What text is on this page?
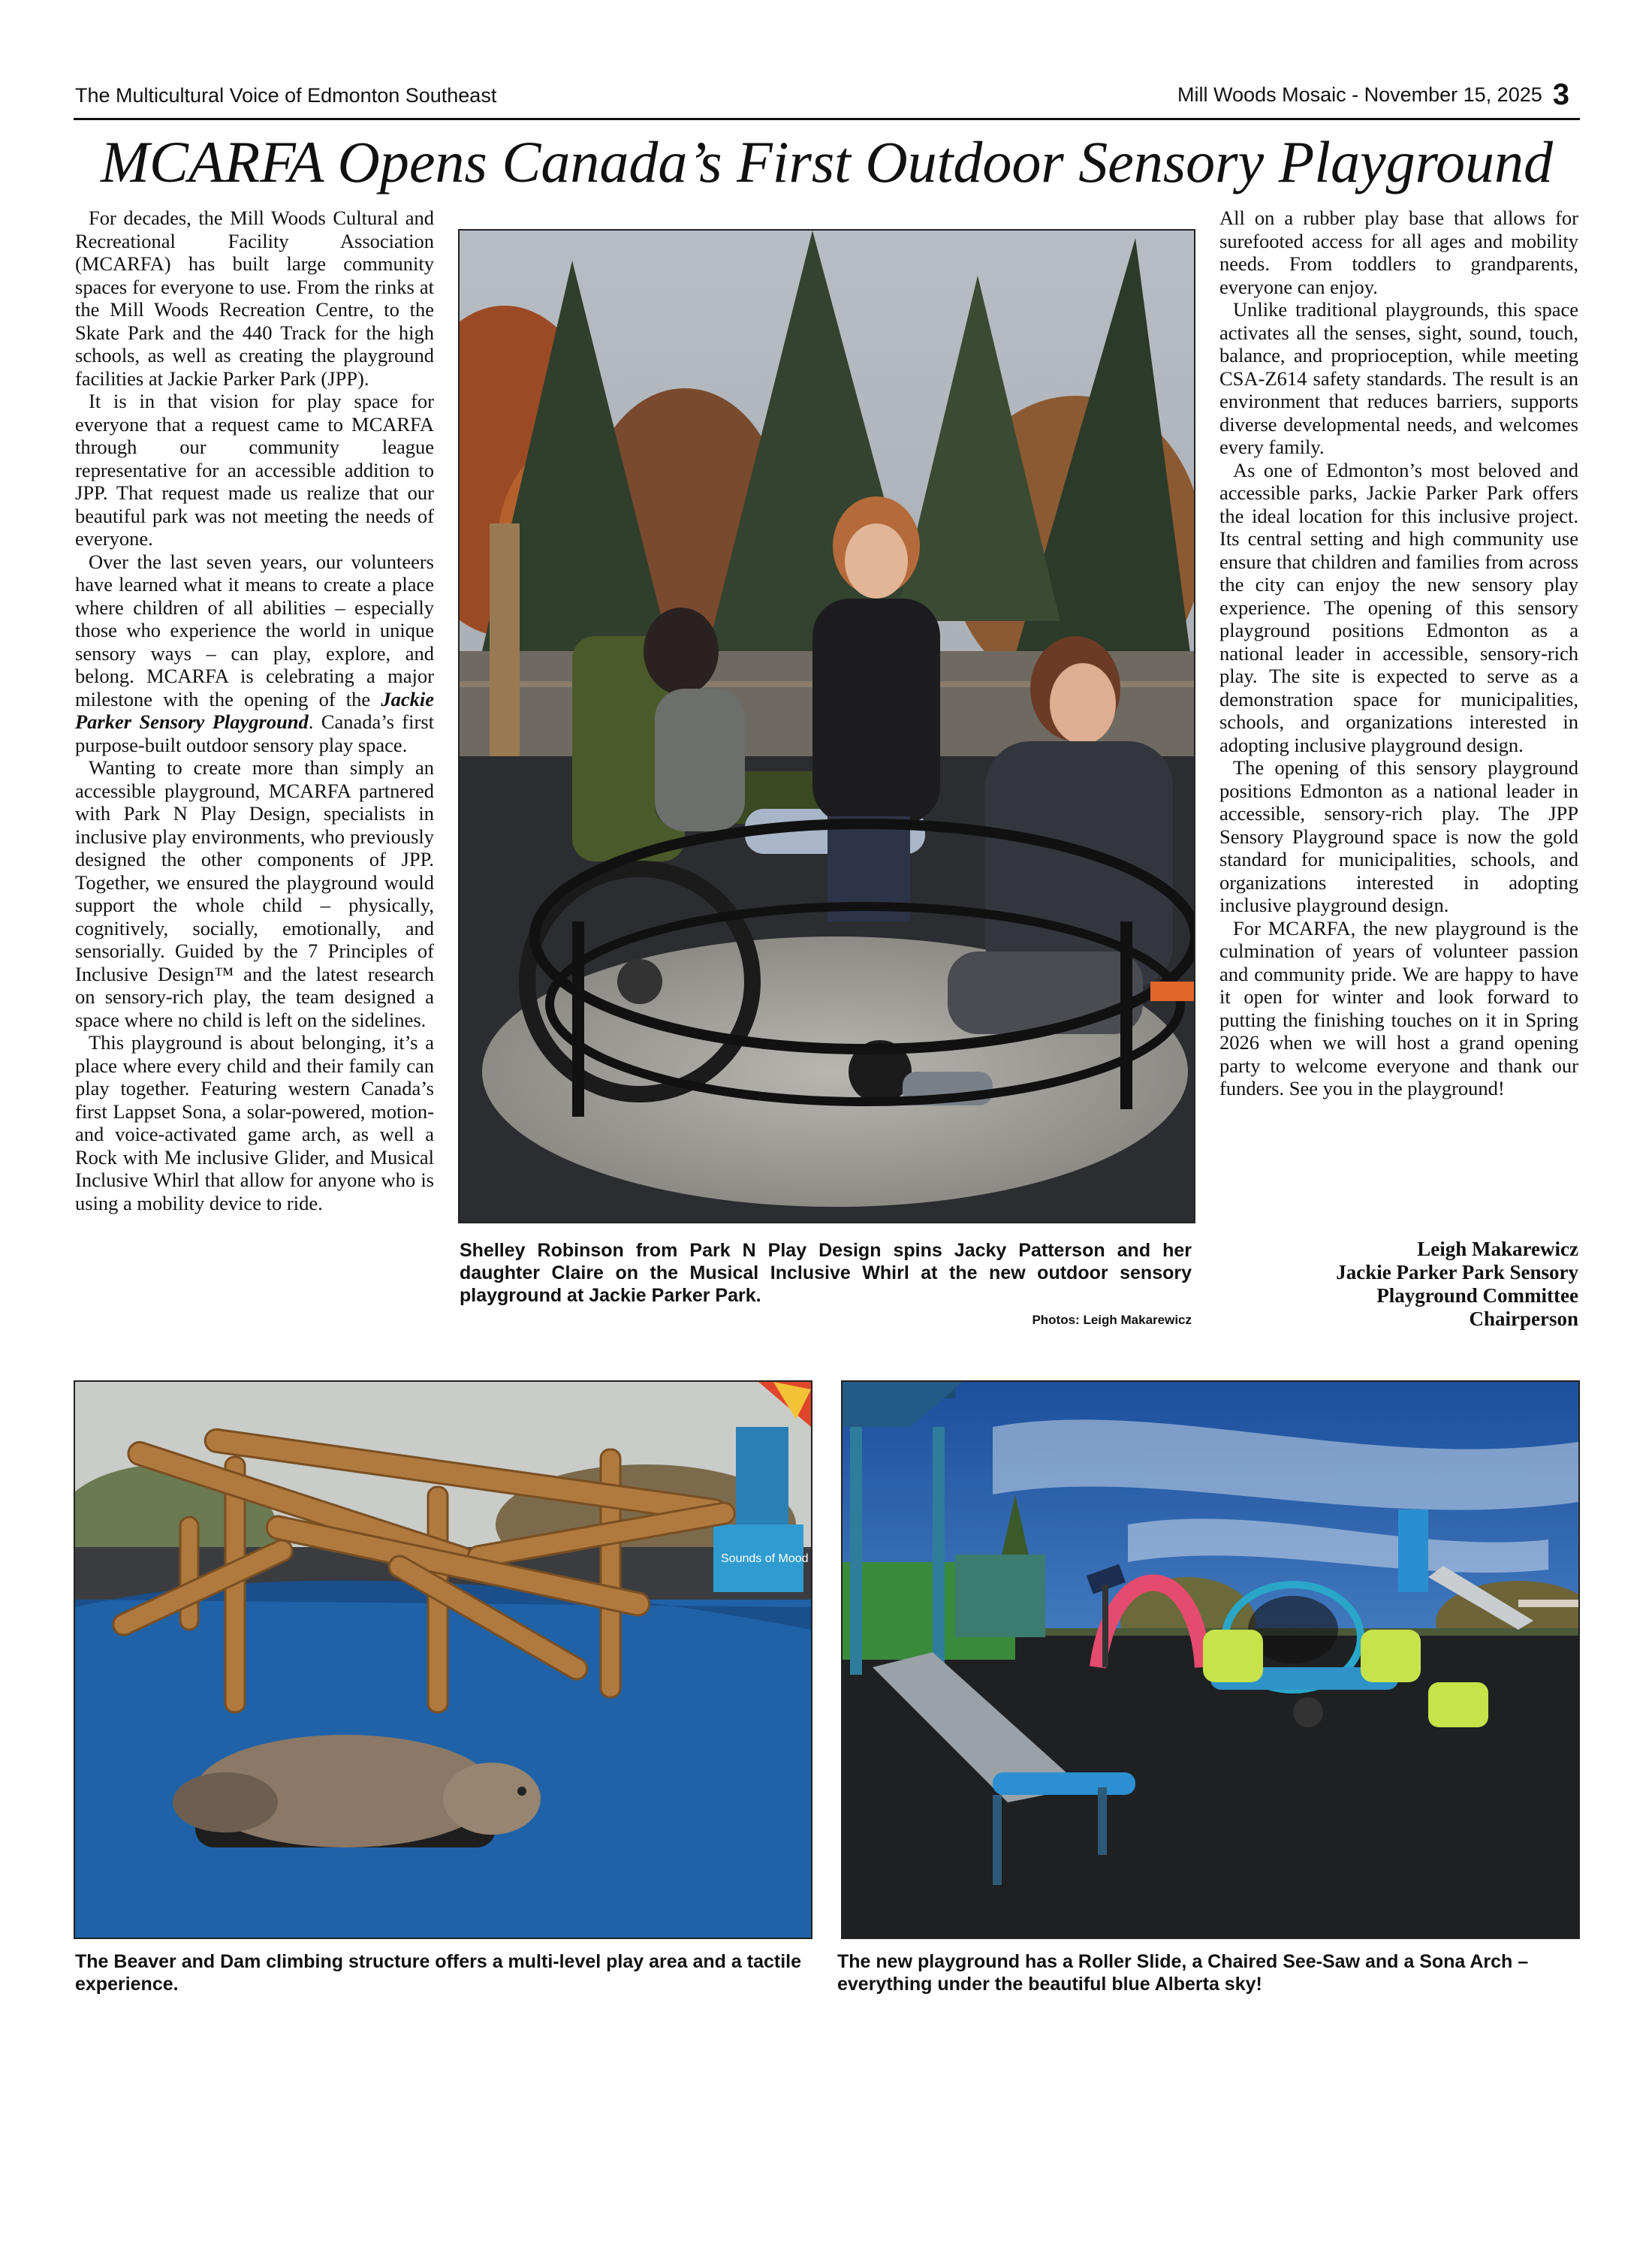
The Multicultural Voice of Edmonton Southeast	Mill Woods Mosaic - November 15, 2025 3
MCARFA Opens Canada’s First Outdoor Sensory Playground

For decades, the Mill Woods Cultural and Recreational Facility Association (MCARFA) has built large community spaces for everyone to use. From the rinks at the Mill Woods Recreation Centre, to the Skate Park and the 440 Track for the high schools, as well as creating the playground facilities at Jackie Parker Park (JPP).

It is in that vision for play space for everyone that a request came to MCARFA through our community league representative for an accessible addition to JPP. That request made us realize that our beautiful park was not meeting the needs of everyone.

Over the last seven years, our volunteers have learned what it means to create a place where children of all abilities – especially those who experience the world in unique sensory ways – can play, explore, and belong. MCARFA is celebrating a major milestone with the opening of the Jackie Parker Sensory Playground. Canada’s first purpose-built outdoor sensory play space.

Wanting to create more than simply an accessible playground, MCARFA partnered with Park N Play Design, specialists in inclusive play environments, who previously designed the other components of JPP. Together, we ensured the playground would support the whole child – physically, cognitively, socially, emotionally, and sensorially. Guided by the 7 Principles of Inclusive Design™ and the latest research on sensory-rich play, the team designed a space where no child is left on the sidelines.

This playground is about belonging, it’s a place where every child and their family can play together. Featuring western Canada’s first Lappset Sona, a solar-powered, motion- and voice-activated game arch, as well a Rock with Me inclusive Glider, and Musical Inclusive Whirl that allow for anyone who is using a mobility device to ride.

Shelley Robinson from Park N Play Design spins Jacky Patterson and her daughter Claire on the Musical Inclusive Whirl at the new outdoor sensory playground at Jackie Parker Park.
Photos: Leigh Makarewicz

All on a rubber play base that allows for surefooted access for all ages and mobility needs. From toddlers to grandparents, everyone can enjoy.

Unlike traditional playgrounds, this space activates all the senses, sight, sound, touch, balance, and proprioception, while meeting CSA-Z614 safety standards. The result is an environment that reduces barriers, supports diverse developmental needs, and welcomes every family.

As one of Edmonton’s most beloved and accessible parks, Jackie Parker Park offers the ideal location for this inclusive project. Its central setting and high community use ensure that children and families from across the city can enjoy the new sensory play experience. The opening of this sensory playground positions Edmonton as a national leader in accessible, sensory-rich play. The site is expected to serve as a demonstration space for municipalities, schools, and organizations interested in adopting inclusive playground design.

The opening of this sensory playground positions Edmonton as a national leader in accessible, sensory-rich play. The JPP Sensory Playground space is now the gold standard for municipalities, schools, and organizations interested in adopting inclusive playground design.

For MCARFA, the new playground is the culmination of years of volunteer passion and community pride. We are happy to have it open for winter and look forward to putting the finishing touches on it in Spring 2026 when we will host a grand opening party to welcome everyone and thank our funders. See you in the playground!

Leigh Makarewicz
Jackie Parker Park Sensory
Playground Committee
Chairperson
Sounds of Mood
The Beaver and Dam climbing structure offers a multi-level play area and a tactile experience.
The new playground has a Roller Slide, a Chaired See-Saw and a Sona Arch – everything under the beautiful blue Alberta sky!
